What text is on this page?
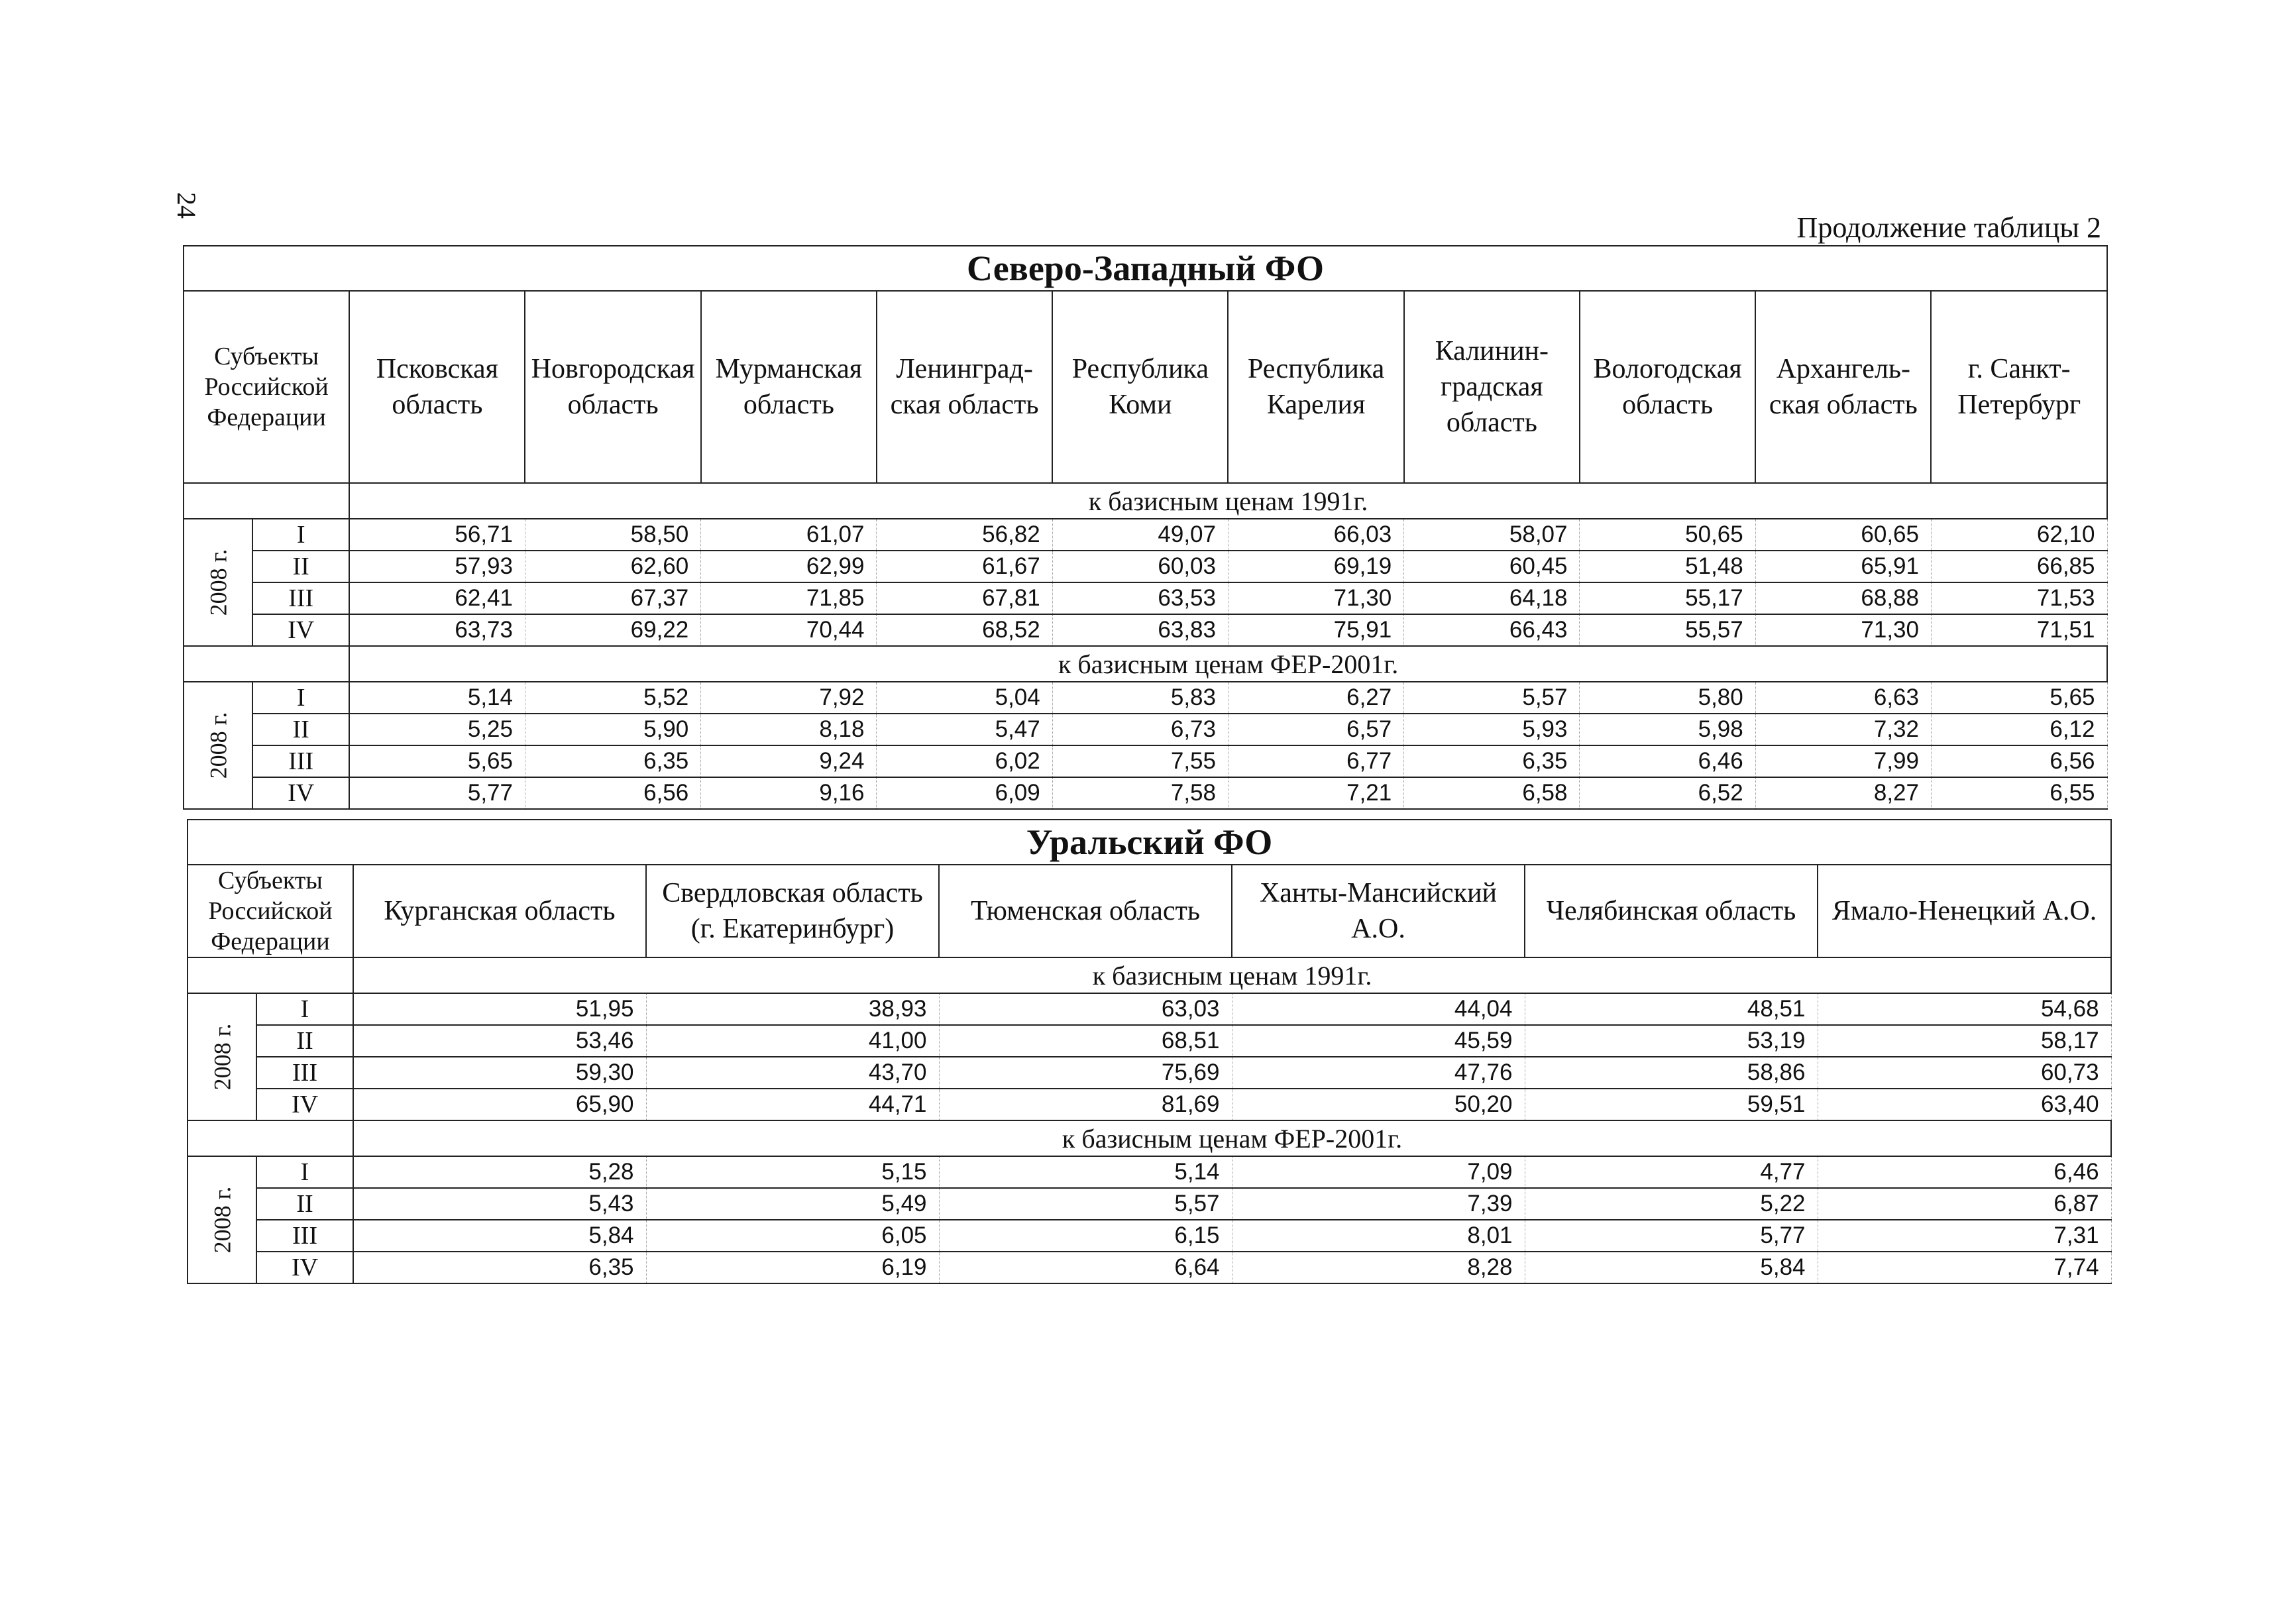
24
Продолжение таблицы 2
Северо-Западный ФО											
Субъекты Российской Федерации		Псковская область	Новгородская область	Мурманская область	Ленинград-ская область	Республика Коми	Республика Карелия	Калинин-градская область	Вологодская область	Архангель-ская область	г. Санкт-Петербург
		к базисным ценам 1991г.									
2008 г.	I	56,71	58,50	61,07	56,82	49,07	66,03	58,07	50,65	60,65	62,10
	II	57,93	62,60	62,99	61,67	60,03	69,19	60,45	51,48	65,91	66,85
	III	62,41	67,37	71,85	67,81	63,53	71,30	64,18	55,17	68,88	71,53
	IV	63,73	69,22	70,44	68,52	63,83	75,91	66,43	55,57	71,30	71,51
		к базисным ценам ФЕР-2001г.									
2008 г.	I	5,14	5,52	7,92	5,04	5,83	6,27	5,57	5,80	6,63	5,65
	II	5,25	5,90	8,18	5,47	6,73	6,57	5,93	5,98	7,32	6,12
	III	5,65	6,35	9,24	6,02	7,55	6,77	6,35	6,46	7,99	6,56
	IV	5,77	6,56	9,16	6,09	7,58	7,21	6,58	6,52	8,27	6,55
Уральский ФО							
Субъекты Российской Федерации		Курганская область	Свердловская область (г. Екатеринбург)	Тюменская область	Ханты-Мансийский А.О.	Челябинская область	Ямало-Ненецкий А.О.
		к базисным ценам 1991г.					
2008 г.	I	51,95	38,93	63,03	44,04	48,51	54,68
	II	53,46	41,00	68,51	45,59	53,19	58,17
	III	59,30	43,70	75,69	47,76	58,86	60,73
	IV	65,90	44,71	81,69	50,20	59,51	63,40
		к базисным ценам ФЕР-2001г.					
2008 г.	I	5,28	5,15	5,14	7,09	4,77	6,46
	II	5,43	5,49	5,57	7,39	5,22	6,87
	III	5,84	6,05	6,15	8,01	5,77	7,31
	IV	6,35	6,19	6,64	8,28	5,84	7,74
